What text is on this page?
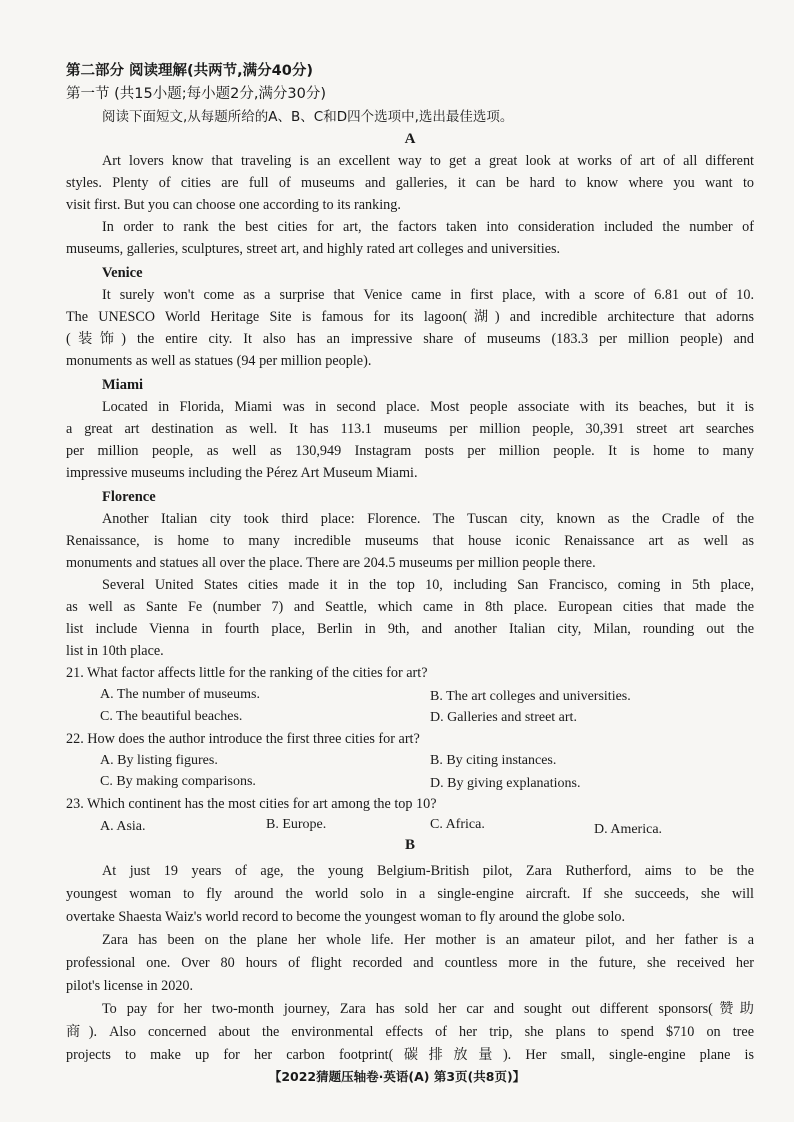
第二部分 阅读理解(共两节,满分40分)
第一节 (共15小题;每小题2分,满分30分)
阅读下面短文,从每题所给的A、B、C和D四个选项中,选出最佳选项。
A
Art lovers know that traveling is an excellent way to get a great look at works of art of all different
styles. Plenty of cities are full of museums and galleries, it can be hard to know where you want to
visit first. But you can choose one according to its ranking.
In order to rank the best cities for art, the factors taken into consideration included the number of
museums, galleries, sculptures, street art, and highly rated art colleges and universities.
Venice
It surely won't come as a surprise that Venice came in first place, with a score of 6.81 out of 10.
The UNESCO World Heritage Site is famous for its lagoon(湖) and incredible architecture that adorns
(装饰) the entire city. It also has an impressive share of museums (183.3 per million people) and
monuments as well as statues (94 per million people).
Miami
Located in Florida, Miami was in second place. Most people associate with its beaches, but it is
a great art destination as well. It has 113.1 museums per million people, 30,391 street art searches
per million people, as well as 130,949 Instagram posts per million people. It is home to many
impressive museums including the Pérez Art Museum Miami.
Florence
Another Italian city took third place: Florence. The Tuscan city, known as the Cradle of the
Renaissance, is home to many incredible museums that house iconic Renaissance art as well as
monuments and statues all over the place. There are 204.5 museums per million people there.
Several United States cities made it in the top 10, including San Francisco, coming in 5th place,
as well as Sante Fe (number 7) and Seattle, which came in 8th place. European cities that made the
list include Vienna in fourth place, Berlin in 9th, and another Italian city, Milan, rounding out the
list in 10th place.
21. What factor affects little for the ranking of the cities for art?
A. The number of museums.	B. The art colleges and universities.
C. The beautiful beaches.	D. Galleries and street art.
22. How does the author introduce the first three cities for art?
A. By listing figures.	B. By citing instances.
C. By making comparisons.	D. By giving explanations.
23. Which continent has the most cities for art among the top 10?
A. Asia.	B. Europe.	C. Africa.	D. America.
B
At just 19 years of age, the young Belgium-British pilot, Zara Rutherford, aims to be the
youngest woman to fly around the world solo in a single-engine aircraft. If she succeeds, she will
overtake Shaesta Waiz's world record to become the youngest woman to fly around the globe solo.
Zara has been on the plane her whole life. Her mother is an amateur pilot, and her father is a
professional one. Over 80 hours of flight recorded and countless more in the future, she received her
pilot's license in 2020.
To pay for her two-month journey, Zara has sold her car and sought out different sponsors(赞助
商). Also concerned about the environmental effects of her trip, she plans to spend $710 on tree
projects to make up for her carbon footprint(碳排放量). Her small, single-engine plane is
【2022猜题压轴卷·英语(A) 第3页(共8页)】
